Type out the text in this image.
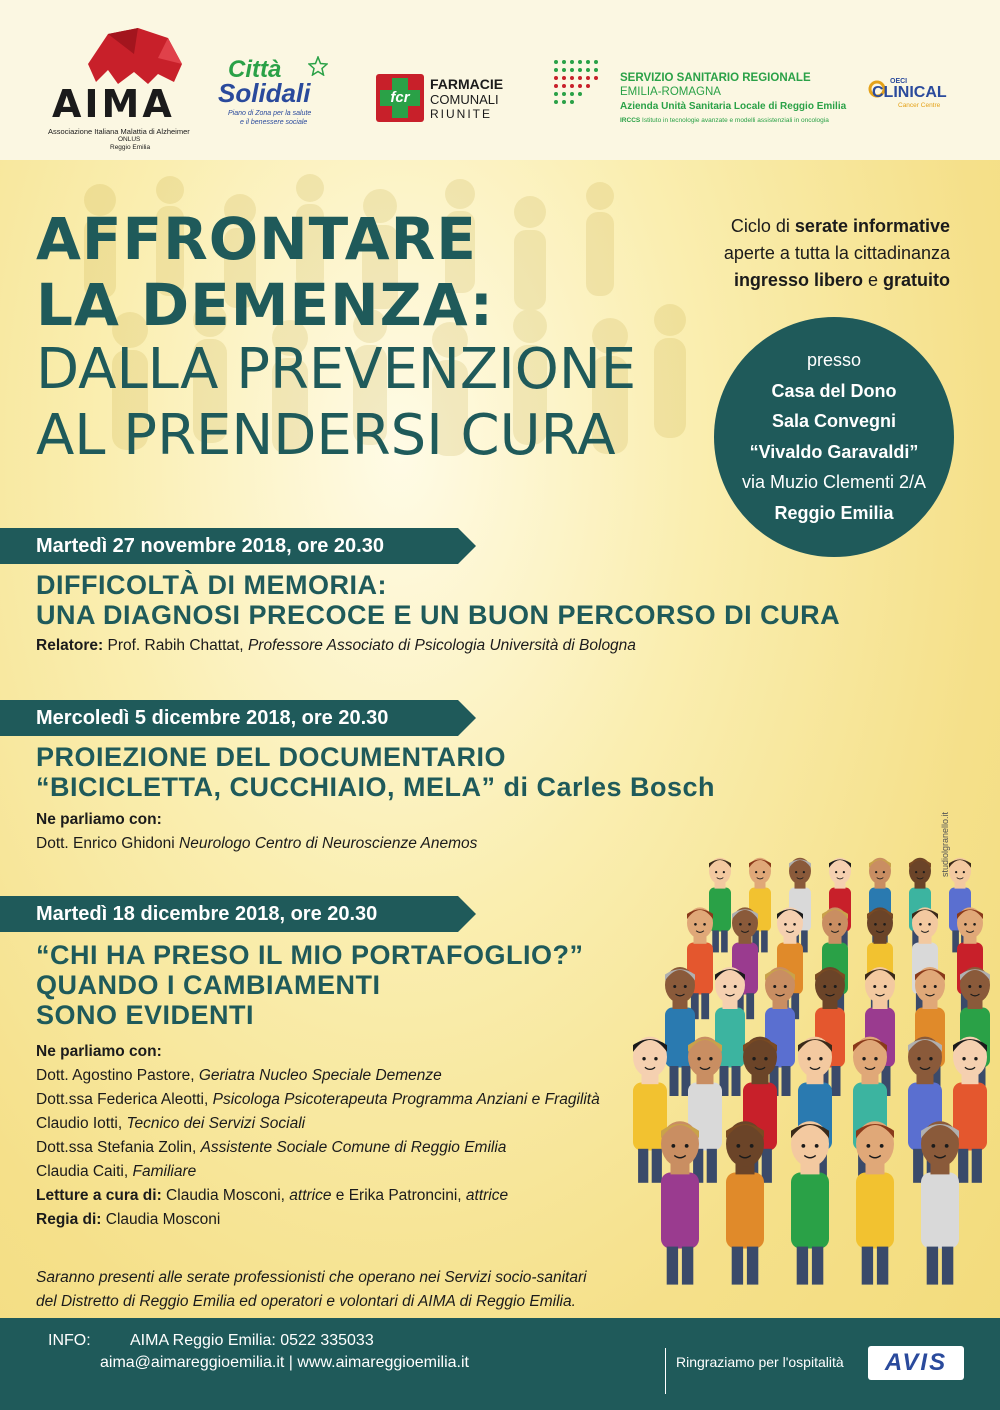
AIMA
Associazione Italiana Malattia di Alzheimer
ONLUS
Reggio Emilia
Città
Solidali
Piano di Zona per la salute
e il benessere sociale
fcr
FARMACIE
COMUNALI
RIUNITE
SERVIZIO SANITARIO REGIONALE
EMILIA-ROMAGNA
Azienda Unità Sanitaria Locale di Reggio Emilia
IRCCS Istituto in tecnologie avanzate e modelli assistenziali in oncologia
OECI
CLINICAL
Cancer Centre
AFFRONTARE
LA DEMENZA:
DALLA PREVENZIONE
AL PRENDERSI CURA
Ciclo di serate informative
aperte a tutta la cittadinanza
ingresso libero e gratuito
presso
Casa del Dono
Sala Convegni
“Vivaldo Garavaldi”
via Muzio Clementi 2/A
Reggio Emilia
Martedì 27 novembre 2018, ore 20.30
DIFFICOLTÀ DI MEMORIA:
UNA DIAGNOSI PRECOCE E UN BUON PERCORSO DI CURA
Relatore: Prof. Rabih Chattat, Professore Associato di Psicologia Università di Bologna
Mercoledì 5 dicembre 2018, ore 20.30
PROIEZIONE DEL DOCUMENTARIO
“BICICLETTA, CUCCHIAIO, MELA” di Carles Bosch
Ne parliamo con:
Dott. Enrico Ghidoni Neurologo Centro di Neuroscienze Anemos
Martedì 18 dicembre 2018, ore 20.30
“CHI HA PRESO IL MIO PORTAFOGLIO?”
QUANDO I CAMBIAMENTI
SONO EVIDENTI
Ne parliamo con:
Dott. Agostino Pastore, Geriatra Nucleo Speciale Demenze
Dott.ssa Federica Aleotti, Psicologa Psicoterapeuta Programma Anziani e Fragilità
Claudio Iotti, Tecnico dei Servizi Sociali
Dott.ssa Stefania Zolin, Assistente Sociale Comune di Reggio Emilia
Claudia Caiti, Familiare
Letture a cura di: Claudia Mosconi, attrice e Erika Patroncini, attrice
Regia di: Claudia Mosconi
Saranno presenti alle serate professionisti che operano nei Servizi socio-sanitari
del Distretto di Reggio Emilia ed operatori e volontari di AIMA di Reggio Emilia.
studiolgranello.it
INFO: AIMA Reggio Emilia: 0522 335033
aima@aimareggioemilia.it | www.aimareggioemilia.it	Ringraziamo per l'ospitalità	AVIS
